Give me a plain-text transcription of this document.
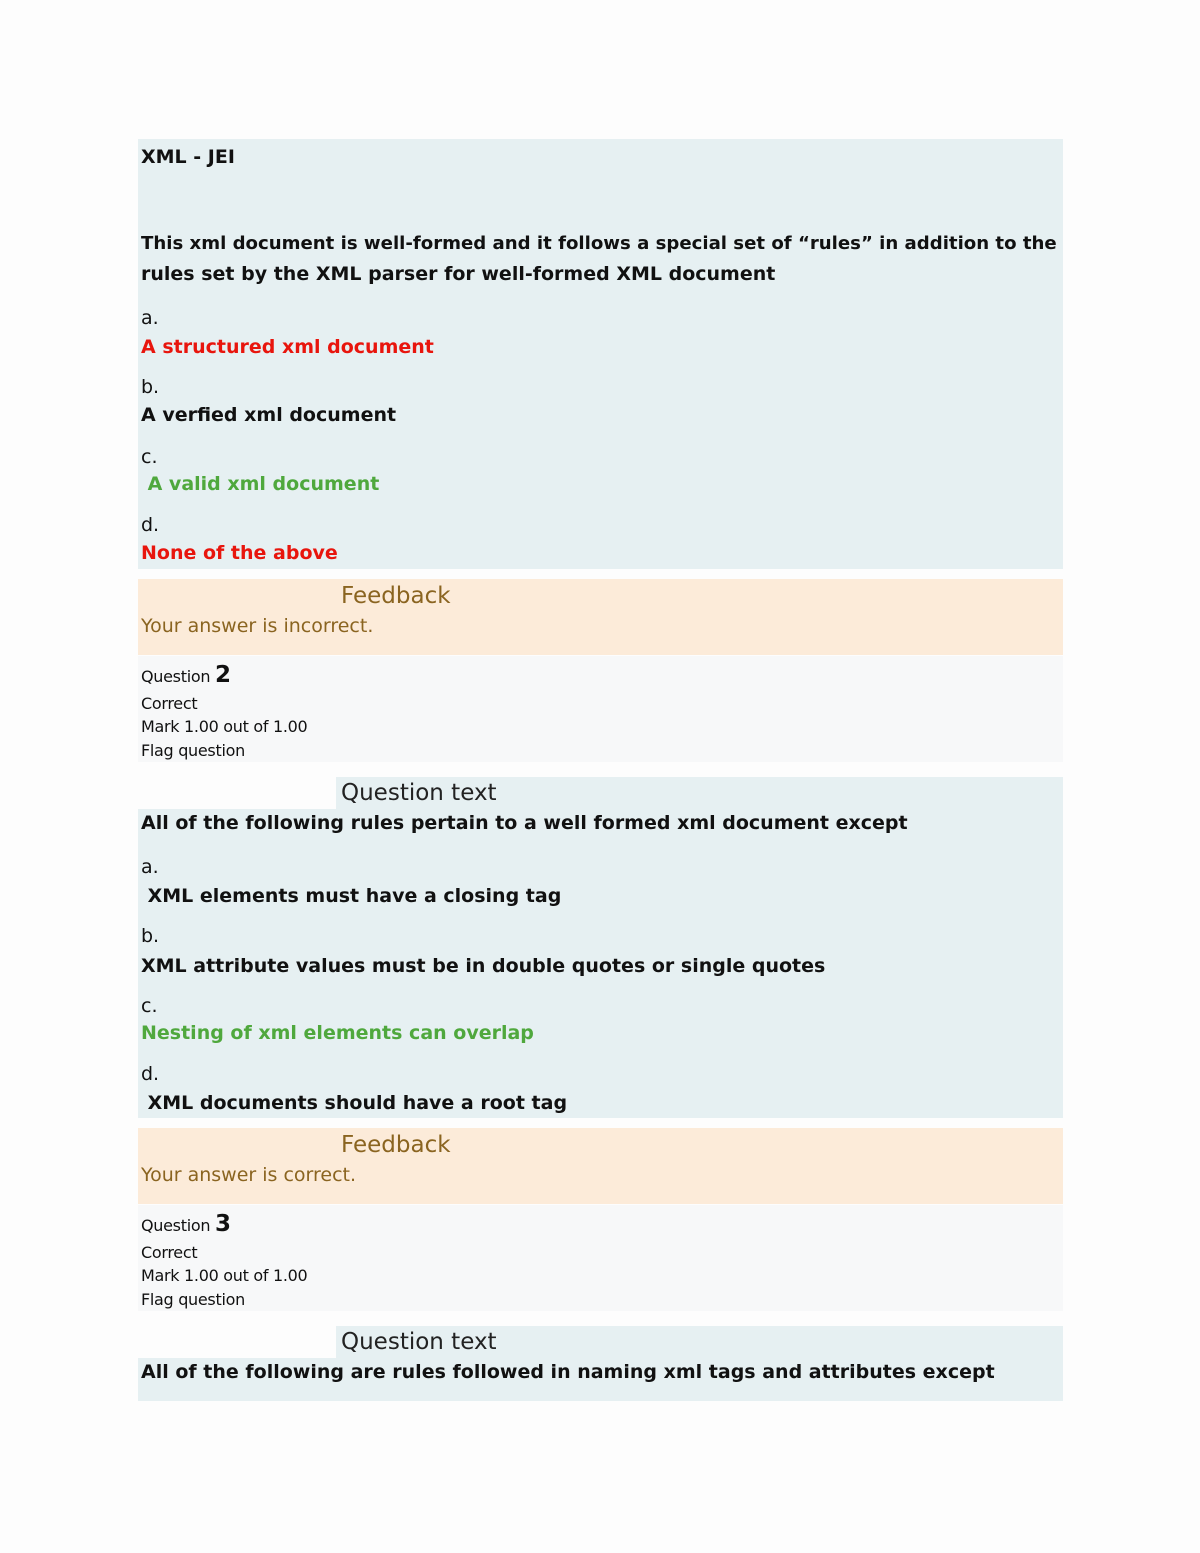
XML - JEI
This xml document is well-formed and it follows a special set of “rules” in addition to the
rules set by the XML parser for well-formed XML document
a.
A structured xml document
b.
A verfied xml document
c.
A valid xml document
d.
None of the above
Feedback
Your answer is incorrect.
Question 2
Correct
Mark 1.00 out of 1.00
Flag question
Question text
All of the following rules pertain to a well formed xml document except
a.
XML elements must have a closing tag
b.
XML attribute values must be in double quotes or single quotes
c.
Nesting of xml elements can overlap
d.
XML documents should have a root tag
Feedback
Your answer is correct.
Question 3
Correct
Mark 1.00 out of 1.00
Flag question
Question text
All of the following are rules followed in naming xml tags and attributes except
